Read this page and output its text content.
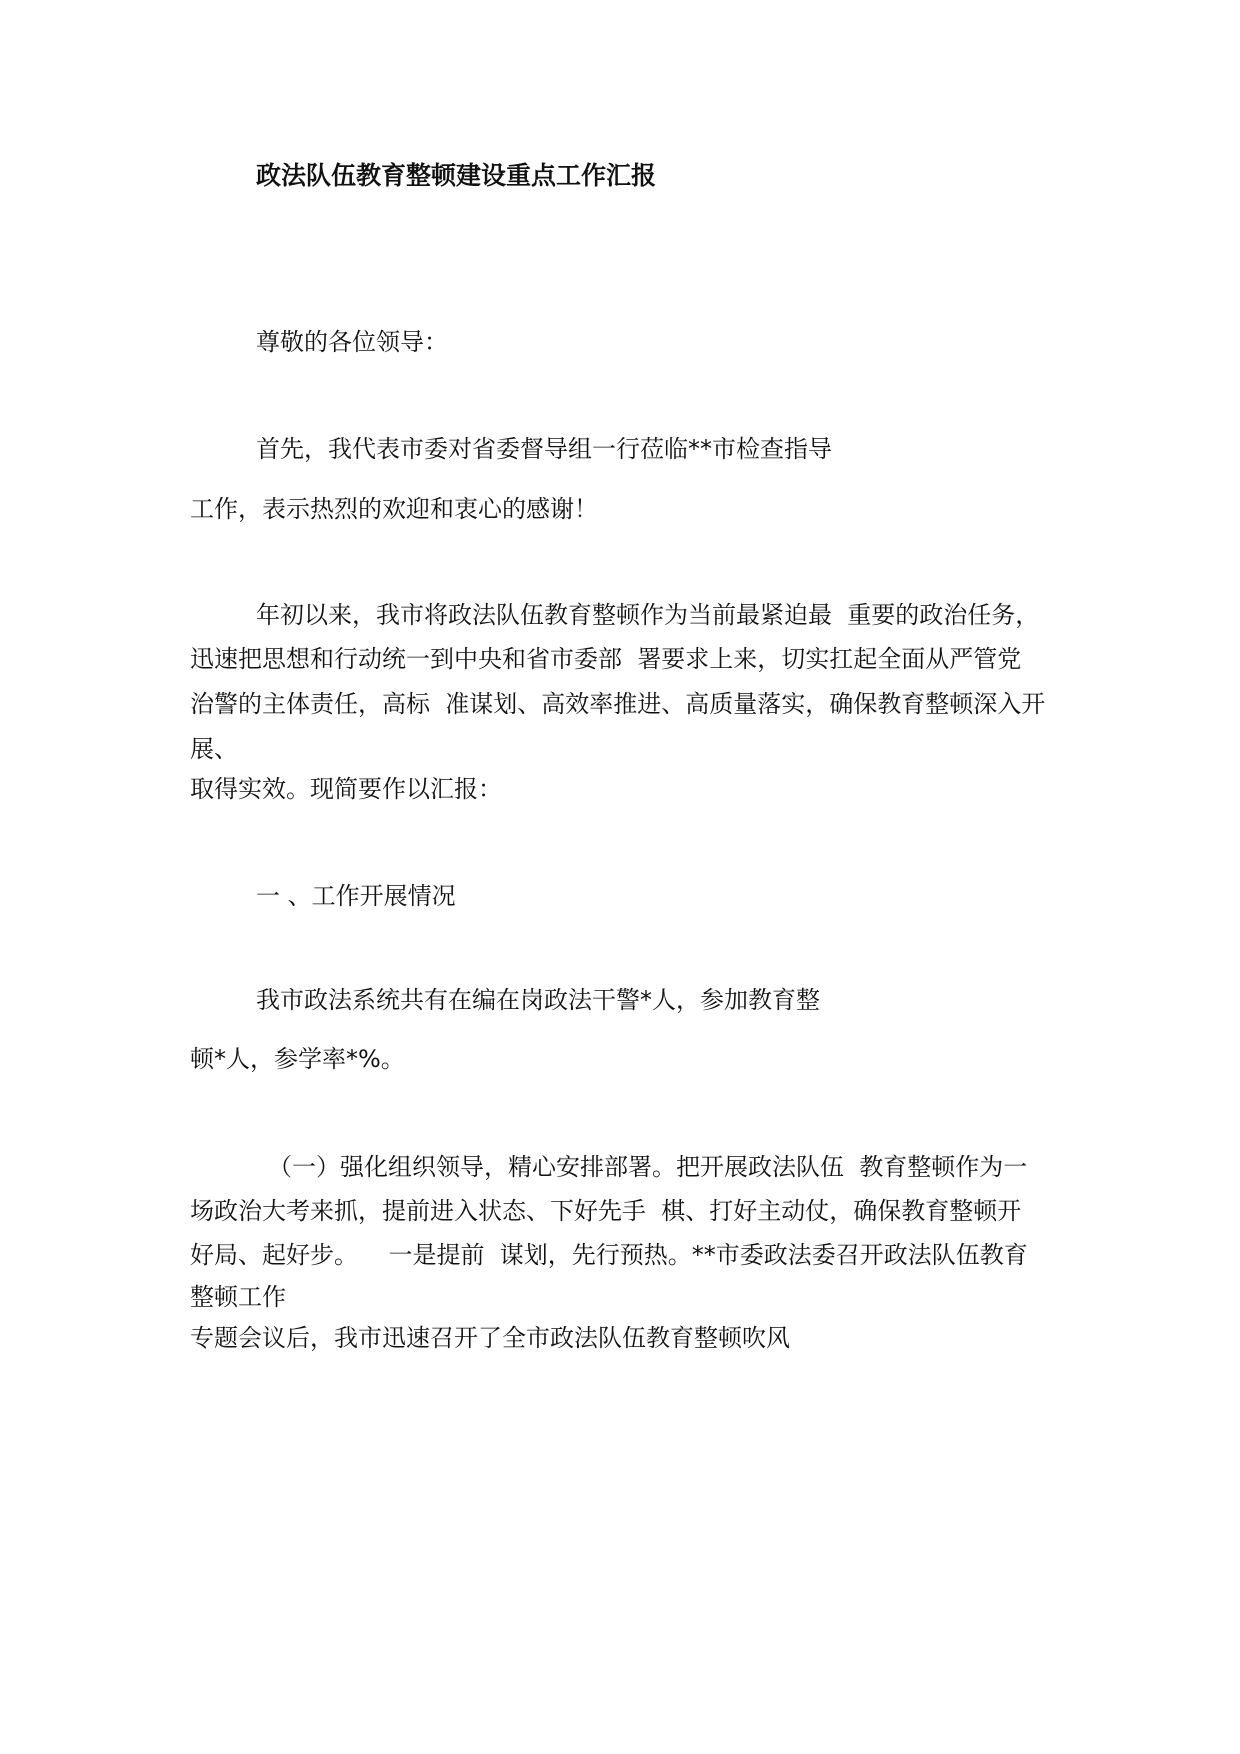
政法队伍教育整顿建设重点工作汇报
尊敬的各位领导：
首先，我代表市委对省委督导组一行莅临**市检查指导
工作，表示热烈的欢迎和衷心的感谢！
年初以来，我市将政法队伍教育整顿作为当前最紧迫最  重要的政治任务，
迅速把思想和行动统一到中央和省市委部  署要求上来，切实扛起全面从严管党
治警的主体责任，高标  准谋划、高效率推进、高质量落实，确保教育整顿深入开
展、
取得实效。现简要作以汇报：
一 、工作开展情况
我市政法系统共有在编在岗政法干警*人，参加教育整
顿*人，参学率*%。
（一）强化组织领导，精心安排部署。把开展政法队伍  教育整顿作为一
场政治大考来抓，提前进入状态、下好先手  棋、打好主动仗，确保教育整顿开
好局、起好步。    一是提前  谋划，先行预热。**市委政法委召开政法队伍教育
整顿工作
专题会议后，我市迅速召开了全市政法队伍教育整顿吹风
